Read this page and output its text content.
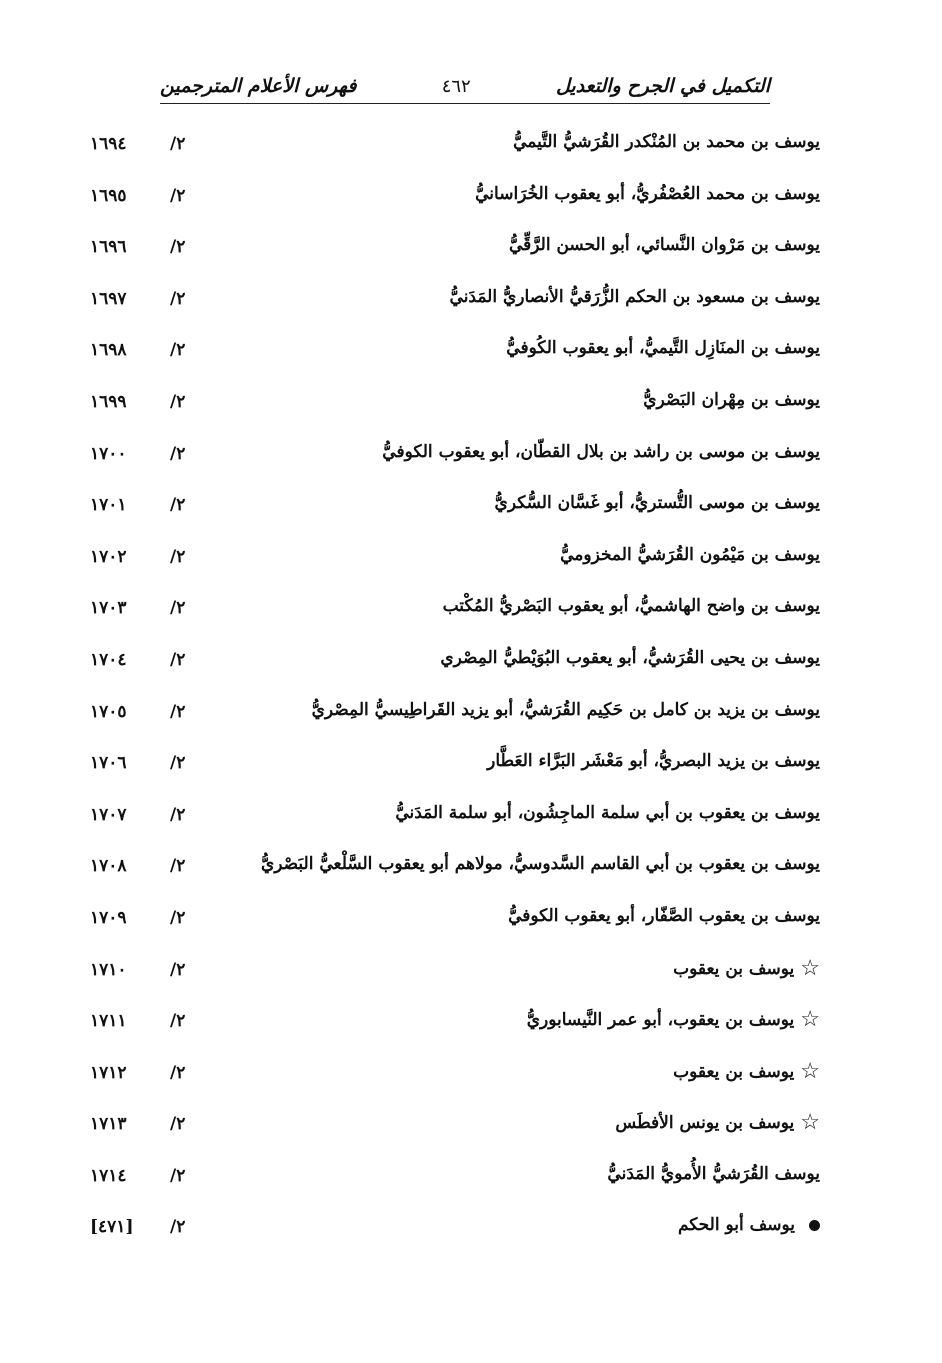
التكميل في الجرح والتعديل
٤٦٢
فهرس الأعلام المترجمين
يوسف بن محمد بن المُنْكدر القُرَشيُّ التَّيميُّ
٢/
١٦٩٤
يوسف بن محمد العُصْفُريُّ، أبو يعقوب الخُرَاسانيُّ
٢/
١٦٩٥
يوسف بن مَرْوان النَّسائي، أبو الحسن الرَّقِّيُّ
٢/
١٦٩٦
يوسف بن مسعود بن الحكم الزُّرَقيُّ الأنصاريُّ المَدَنيُّ
٢/
١٦٩٧
يوسف بن المنَازِل التَّيميُّ، أبو يعقوب الكُوفيُّ
٢/
١٦٩٨
يوسف بن مِهْران البَصْريُّ
٢/
١٦٩٩
يوسف بن موسى بن راشد بن بلال القطّان، أبو يعقوب الكوفيُّ
٢/
١٧٠٠
يوسف بن موسى التُّستريُّ، أبو غَسَّان السُّكريُّ
٢/
١٧٠١
يوسف بن مَيْمُون القُرَشيُّ المخزوميُّ
٢/
١٧٠٢
يوسف بن واضح الهاشميُّ، أبو يعقوب البَصْريُّ المُكْتب
٢/
١٧٠٣
يوسف بن يحيى القُرَشيُّ، أبو يعقوب البُوَيْطيُّ المِصْري
٢/
١٧٠٤
يوسف بن يزيد بن كامل بن حَكِيم القُرَشيُّ، أبو يزيد القَراطِيسيُّ المِصْريُّ
٢/
١٧٠٥
يوسف بن يزيد البصريُّ، أبو مَعْشَر البَرَّاء العَطَّار
٢/
١٧٠٦
يوسف بن يعقوب بن أبي سلمة الماجِشُون، أبو سلمة المَدَنيُّ
٢/
١٧٠٧
يوسف بن يعقوب بن أبي القاسم السَّدوسيُّ، مولاهم أبو يعقوب السَّلْعيُّ البَصْريُّ
٢/
١٧٠٨
يوسف بن يعقوب الصَّفّار، أبو يعقوب الكوفيُّ
٢/
١٧٠٩
☆
يوسف بن يعقوب
٢/
١٧١٠
☆
يوسف بن يعقوب، أبو عمر النَّيسابوريُّ
٢/
١٧١١
☆
يوسف بن يعقوب
٢/
١٧١٢
☆
يوسف بن يونس الأفطَس
٢/
١٧١٣
يوسف القُرَشيُّ الأُمويُّ المَدَنيُّ
٢/
١٧١٤
يوسف أبو الحكم
٢/
[٤٧١]
